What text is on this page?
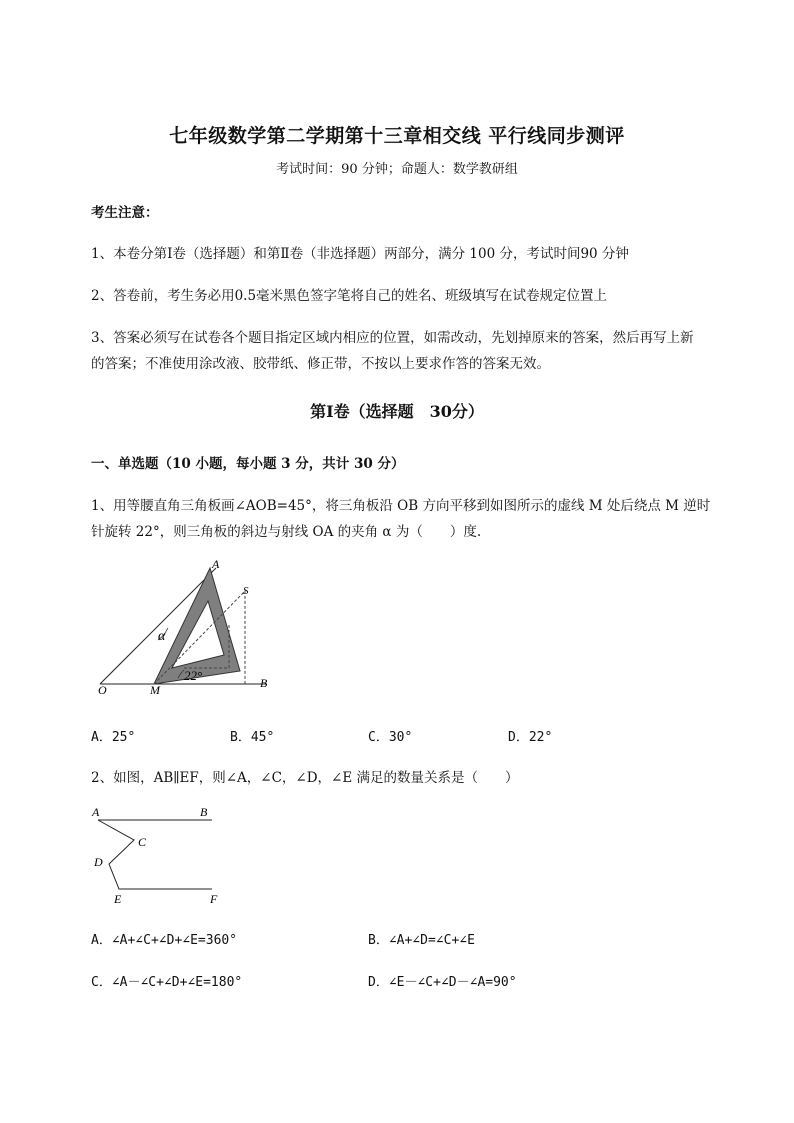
七年级数学第二学期第十三章相交线 平行线同步测评
考试时间：90 分钟；命题人：数学教研组
考生注意：
1、本卷分第Ⅰ卷（选择题）和第Ⅱ卷（非选择题）两部分，满分 100 分，考试时间90 分钟
2、答卷前，考生务必用0.5毫米黑色签字笔将自己的姓名、班级填写在试卷规定位置上
3、答案必须写在试卷各个题目指定区域内相应的位置，如需改动，先划掉原来的答案，然后再写上新
的答案；不准使用涂改液、胶带纸、修正带，不按以上要求作答的答案无效。
第Ⅰ卷（选择题　30分）
一、单选题（10 小题，每小题 3 分，共计 30 分）
1、用等腰直角三角板画∠AOB=45°，将三角板沿 OB 方向平移到如图所示的虚线 M 处后绕点 M 逆时
针旋转 22°，则三角板的斜边与射线 OA 的夹角 α 为（　　）度.
A
S
α
22°
O	M	B
A．25°	B．45°	C．30°	D．22°
2、如图，AB∥EF，则∠A，∠C，∠D，∠E 满足的数量关系是（　　）
A	B
C
D
E	F
A．∠A+∠C+∠D+∠E=360°	B．∠A+∠D=∠C+∠E
C．∠A－∠C+∠D+∠E=180°	D．∠E－∠C+∠D－∠A=90°
